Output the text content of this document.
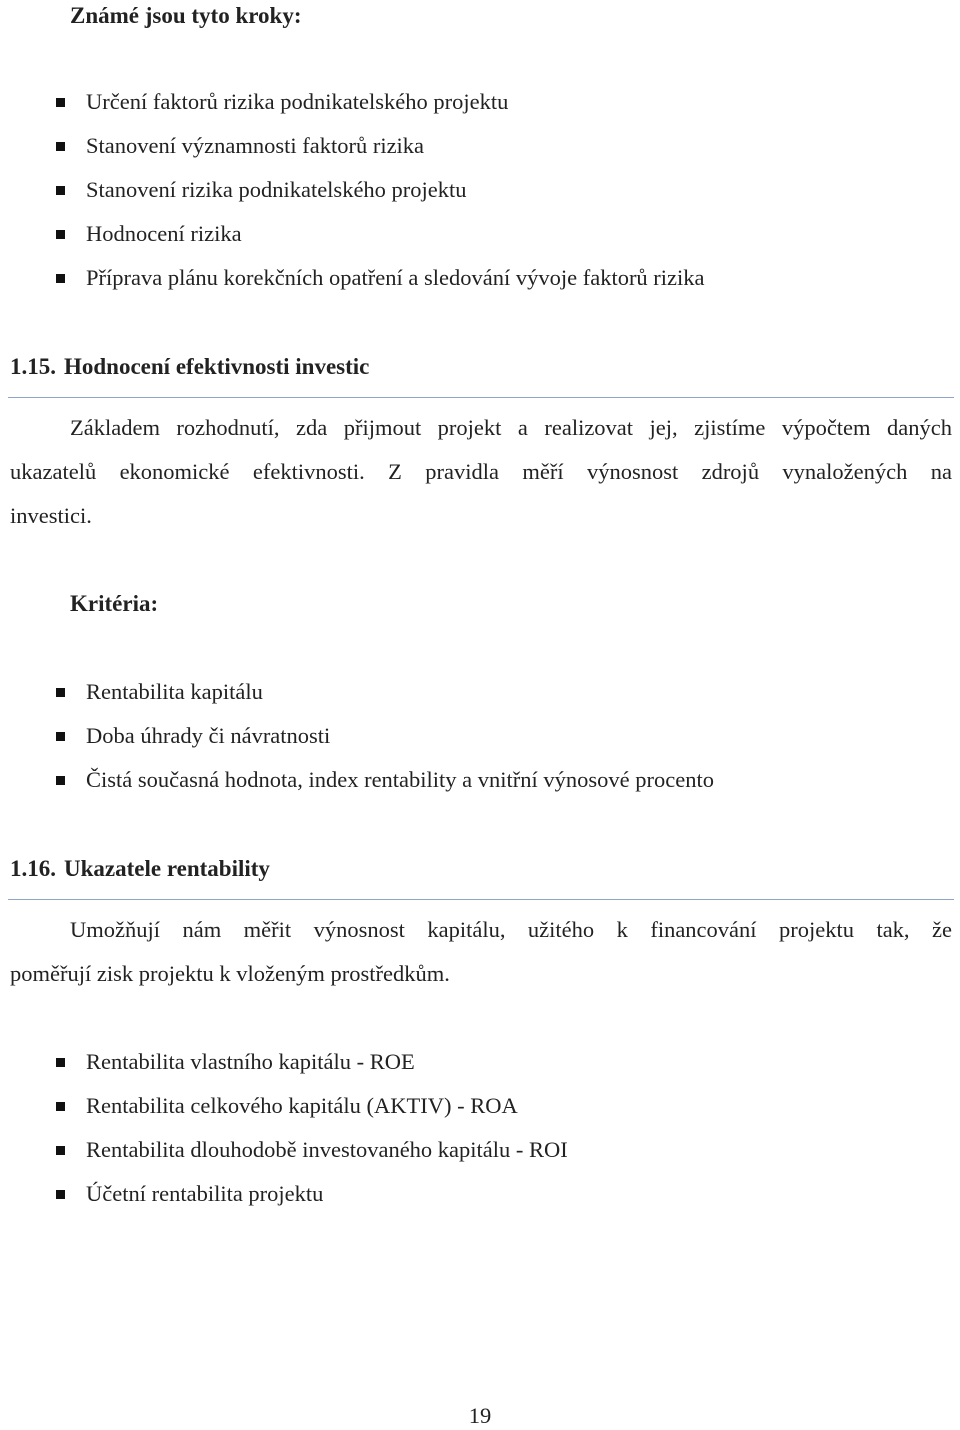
Známé jsou tyto kroky:
Určení faktorů rizika podnikatelského projektu
Stanovení významnosti faktorů rizika
Stanovení rizika podnikatelského projektu
Hodnocení rizika
Příprava plánu korekčních opatření a sledování vývoje faktorů rizika
1.15. Hodnocení efektivnosti investic
Základem rozhodnutí, zda přijmout projekt a realizovat jej, zjistíme výpočtem daných
ukazatelů ekonomické efektivnosti. Z pravidla měří výnosnost zdrojů vynaložených na
investici.
Kritéria:
Rentabilita kapitálu
Doba úhrady či návratnosti
Čistá současná hodnota, index rentability a vnitřní výnosové procento
1.16. Ukazatele rentability
Umožňují nám měřit výnosnost kapitálu, užitého k financování projektu tak, že
poměřují zisk projektu k vloženým prostředkům.
Rentabilita vlastního kapitálu - ROE
Rentabilita celkového kapitálu (AKTIV) - ROA
Rentabilita dlouhodobě investovaného kapitálu - ROI
Účetní rentabilita projektu
19
